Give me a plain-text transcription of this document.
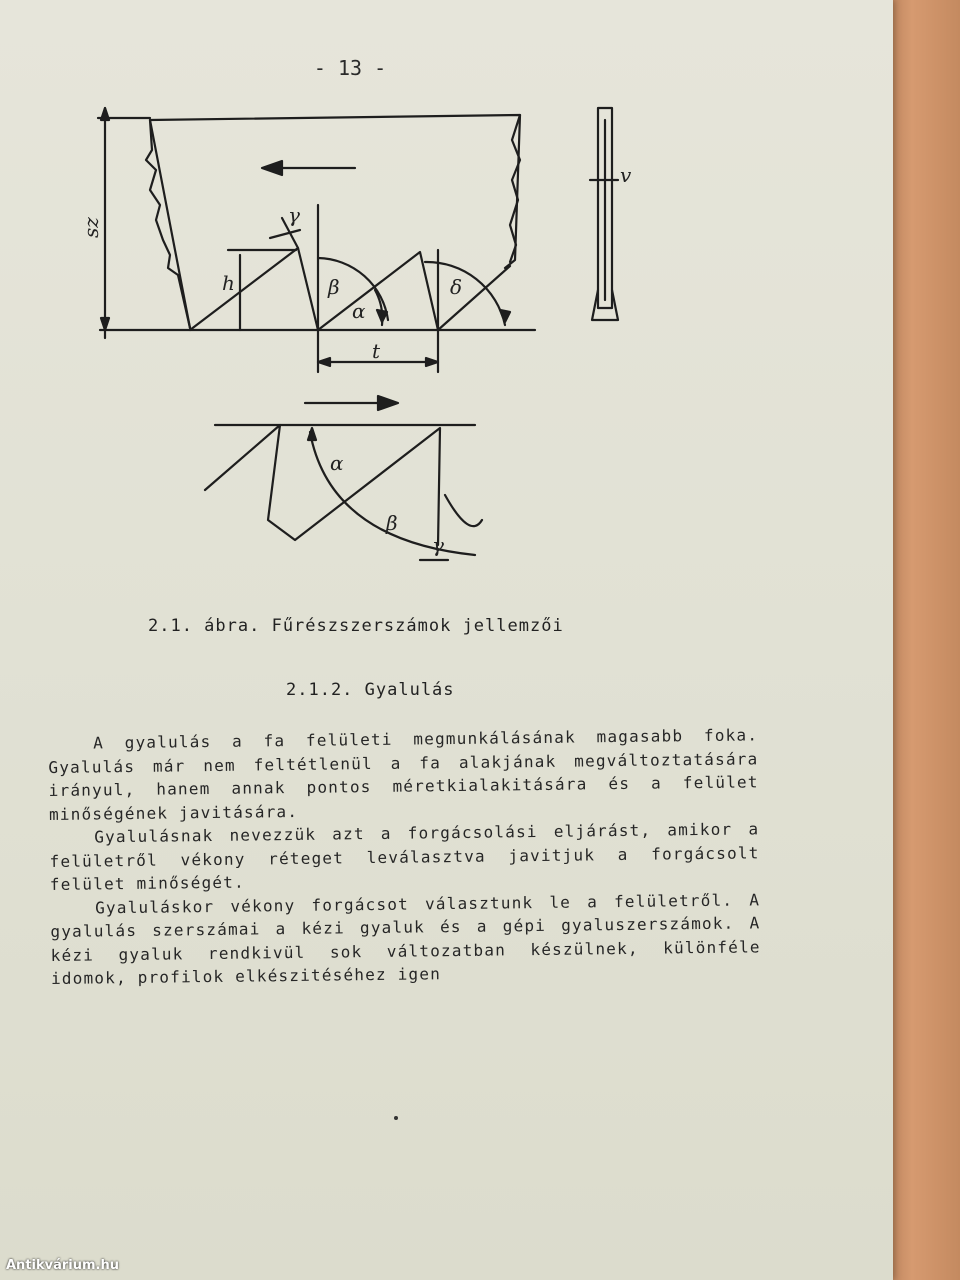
- 13 -
sz
h
t
v
α
β
γ
δ
α
β
γ
2.1. ábra. Fűrészszerszámok jellemzői
2.1.2. Gyalulás

A gyalulás a fa felületi megmunkálásának magasabb foka. Gyalulás már nem feltétlenül a fa alakjának megváltoztatására irányul, hanem annak pontos méretkialakitására és a felület minőségének javitására.

Gyalulásnak nevezzük azt a forgácsolási eljárást, amikor a felületről vékony réteget leválasztva javitjuk a forgácsolt felület minőségét.

Gyaluláskor vékony forgácsot választunk le a felületről. A gyalulás szerszámai a kézi gyaluk és a gépi gyaluszerszámok. A kézi gyaluk rendkivül sok változatban készülnek, különféle idomok, profilok elkészitéséhez igen

Antikvárium.hu
